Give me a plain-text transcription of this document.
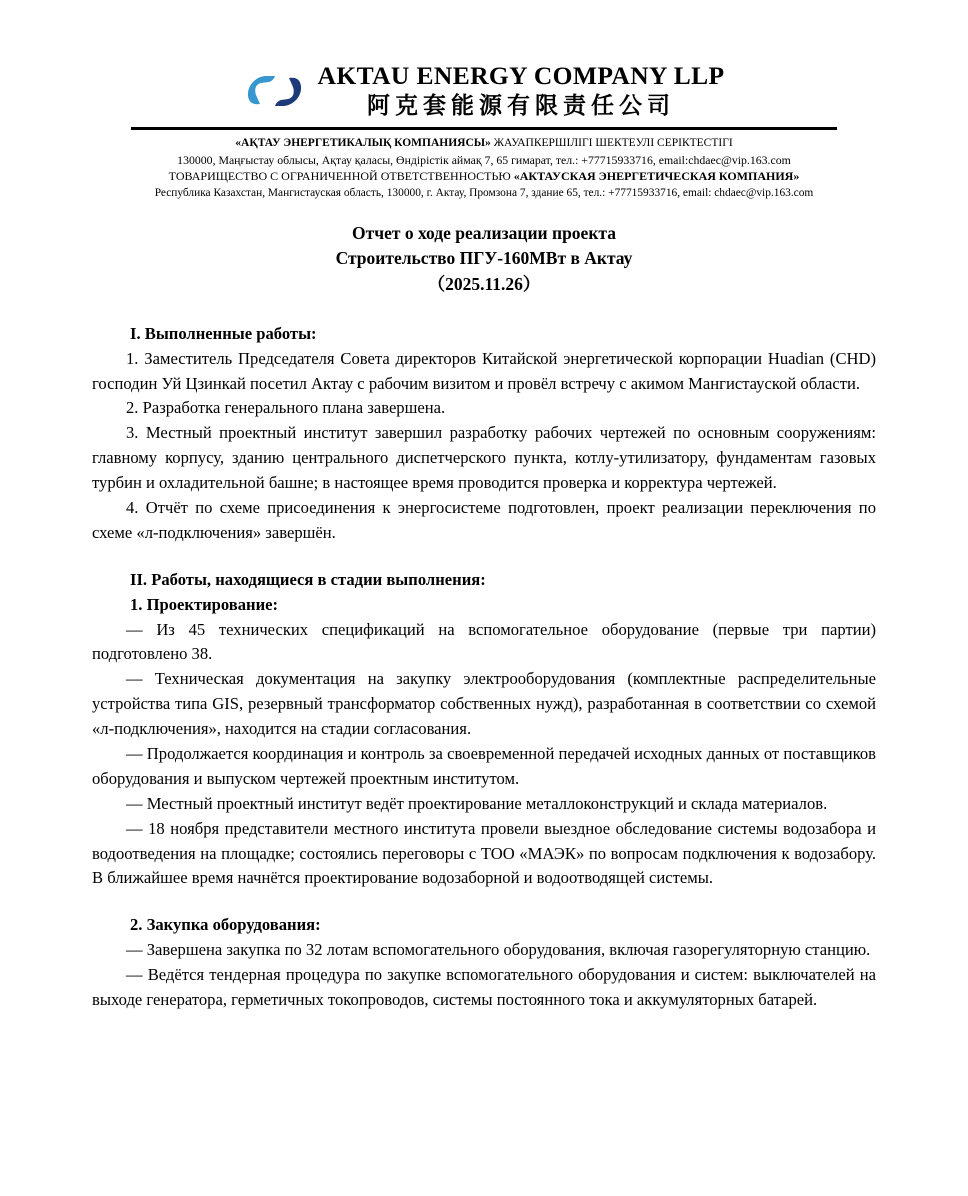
AKTAU ENERGY COMPANY LLP
阿克套能源有限责任公司
«АҚТАУ ЭНЕРГЕТИКАЛЫҚ КОМПАНИЯСЫ» ЖАУАПКЕРШІЛІГІ ШЕКТЕУЛІ СЕРІКТЕСТІГІ
130000, Маңғыстау облысы, Ақтау қаласы, Өндірістік аймақ 7, 65 гимарат, тел.: +77715933716, email:chdaec@vip.163.com
ТОВАРИЩЕСТВО С ОГРАНИЧЕННОЙ ОТВЕТСТВЕННОСТЬЮ «АКТАУСКАЯ ЭНЕРГЕТИЧЕСКАЯ КОМПАНИЯ»
Республика Казахстан, Мангистауская область, 130000, г. Актау, Промзона 7, здание 65, тел.: +77715933716, email: chdaec@vip.163.com
Отчет о ходе реализации проекта
Строительство ПГУ-160МВт в Актау
（2025.11.26）

I. Выполненные работы:

1. Заместитель Председателя Совета директоров Китайской энергетической корпорации Huadian (CHD) господин Уй Цзинкай посетил Актау с рабочим визитом и провёл встречу с акимом Мангистауской области.

2. Разработка генерального плана завершена.

3. Местный проектный институт завершил разработку рабочих чертежей по основным сооружениям: главному корпусу, зданию центрального диспетчерского пункта, котлу-утилизатору, фундаментам газовых турбин и охладительной башне; в настоящее время проводится проверка и корректура чертежей.

4. Отчёт по схеме присоединения к энергосистеме подготовлен, проект реализации переключения по схеме «л-подключения» завершён.

II. Работы, находящиеся в стадии выполнения:

1. Проектирование:

— Из 45 технических спецификаций на вспомогательное оборудование (первые три партии) подготовлено 38.

— Техническая документация на закупку электрооборудования (комплектные распределительные устройства типа GIS, резервный трансформатор собственных нужд), разработанная в соответствии со схемой «л-подключения», находится на стадии согласования.

— Продолжается координация и контроль за своевременной передачей исходных данных от поставщиков оборудования и выпуском чертежей проектным институтом.

— Местный проектный институт ведёт проектирование металлоконструкций и склада материалов.

— 18 ноября представители местного института провели выездное обследование системы водозабора и водоотведения на площадке; состоялись переговоры с ТОО «МАЭК» по вопросам подключения к водозабору. В ближайшее время начнётся проектирование водозаборной и водоотводящей системы.

2. Закупка оборудования:

— Завершена закупка по 32 лотам вспомогательного оборудования, включая газорегуляторную станцию.

— Ведётся тендерная процедура по закупке вспомогательного оборудования и систем: выключателей на выходе генератора, герметичных токопроводов, системы постоянного тока и аккумуляторных батарей.
